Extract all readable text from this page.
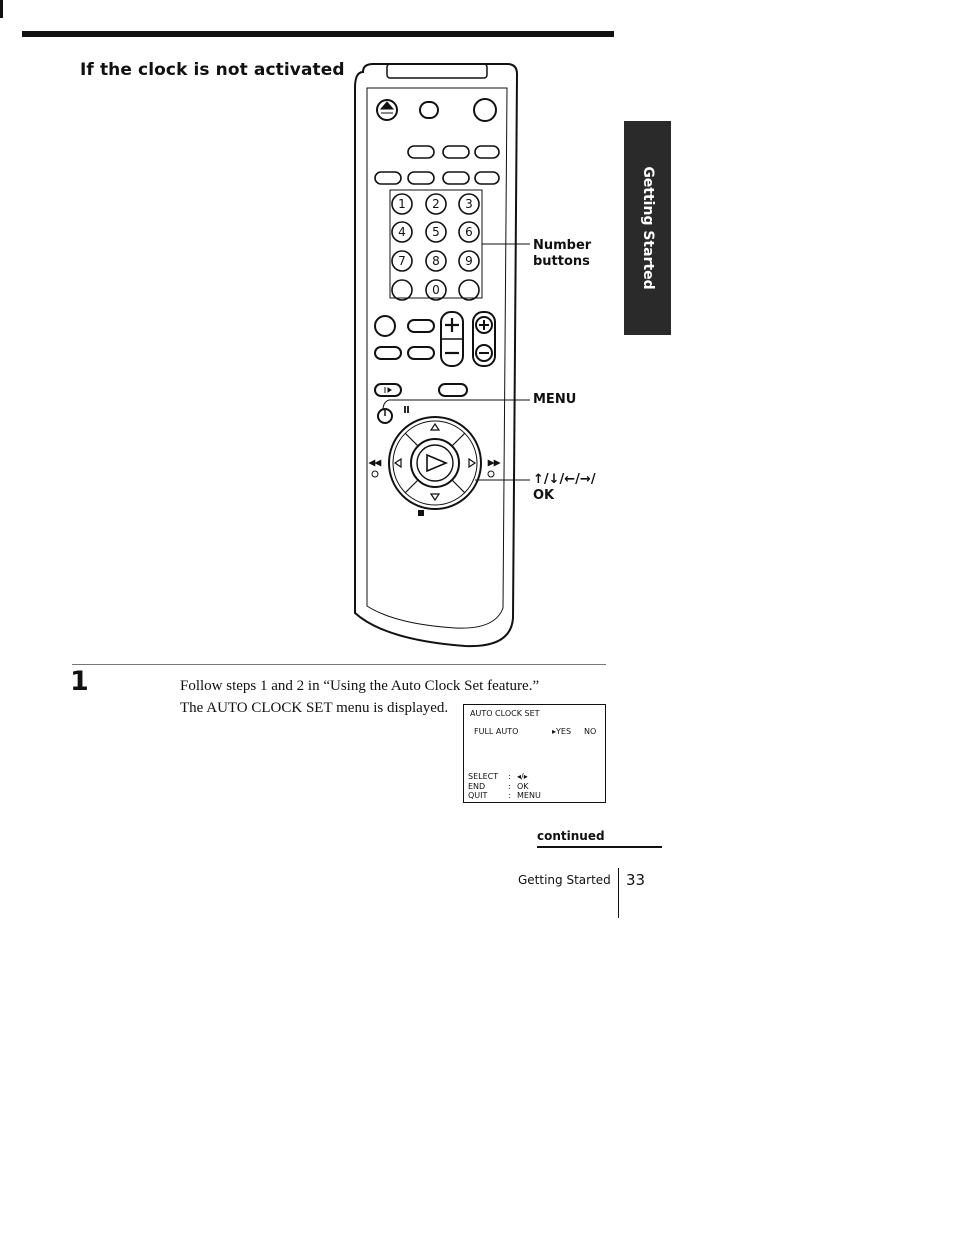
If the clock is not activated
Getting Started
1 2 3
4 5 6
7 8 9
0
Number
buttons
MENU
↑/↓/←/→/
OK
1	Follow steps 1 and 2 in “Using the Auto Clock Set feature.”

The AUTO CLOCK SET menu is displayed.	AUTO CLOCK SET
FULL AUTO	▸YES NO
SELECT : ◂/▸
END	: OK
QUIT	: MENU
continued
Getting Started 33
